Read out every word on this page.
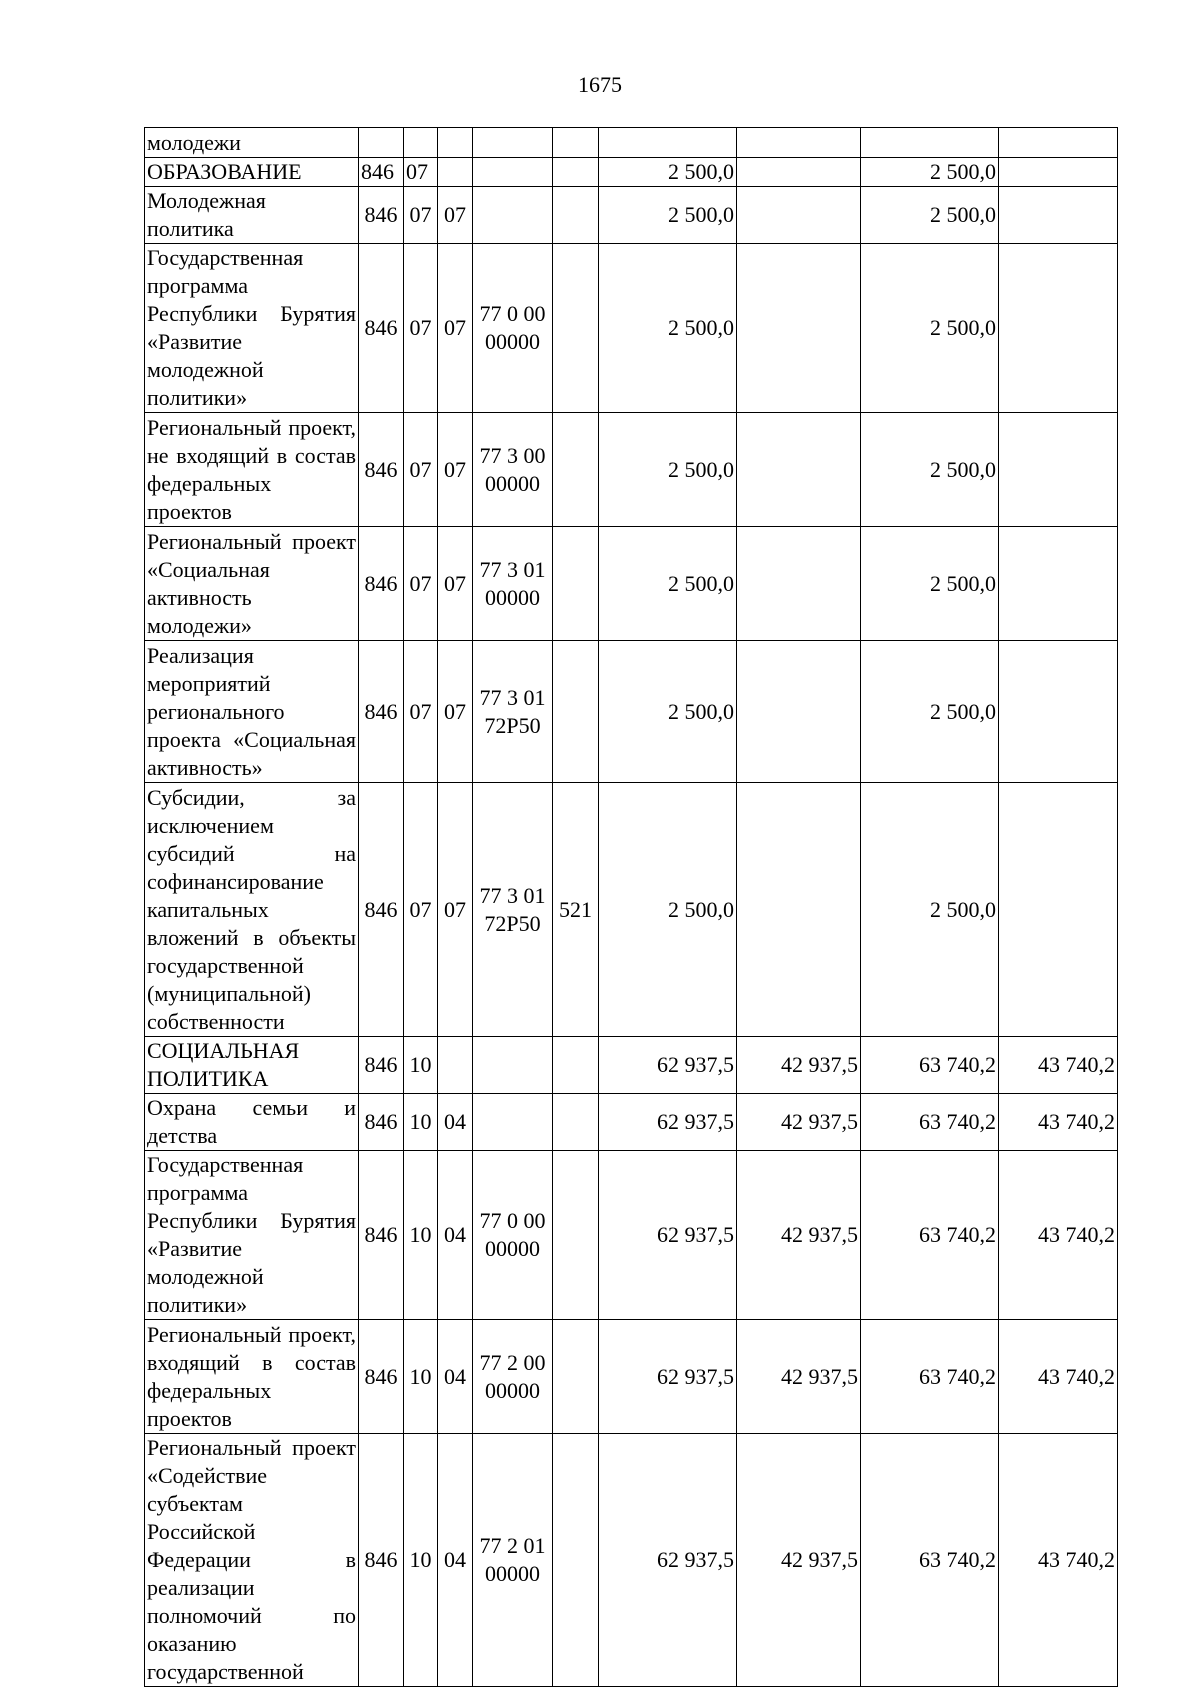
1675
молодежи									
ОБРАЗОВАНИЕ	846	07				2 500,0		2 500,0	
Молодежная политика	846	07	07			2 500,0		2 500,0	
Государственная программа Республики Бурятия «Развитие молодежной политики»	846	07	07	77 0 00 00000		2 500,0		2 500,0	
Региональный проект, не входящий в состав федеральных проектов	846	07	07	77 3 00 00000		2 500,0		2 500,0	
Региональный проект «Социальная активность молодежи»	846	07	07	77 3 01 00000		2 500,0		2 500,0	
Реализация мероприятий регионального проекта «Социальная активность»	846	07	07	77 3 01 72Р50		2 500,0		2 500,0	
Субсидии, за исключением субсидий на софинансирование капитальных вложений в объекты государственной (муниципальной) собственности	846	07	07	77 3 01 72Р50	521	2 500,0		2 500,0	
СОЦИАЛЬНАЯ ПОЛИТИКА	846	10				62 937,5	42 937,5	63 740,2	43 740,2
Охрана семьи и детства	846	10	04			62 937,5	42 937,5	63 740,2	43 740,2
Государственная программа Республики Бурятия «Развитие молодежной политики»	846	10	04	77 0 00 00000		62 937,5	42 937,5	63 740,2	43 740,2
Региональный проект, входящий в состав федеральных проектов	846	10	04	77 2 00 00000		62 937,5	42 937,5	63 740,2	43 740,2
Региональный проект «Содействие субъектам Российской Федерации в реализации полномочий по оказанию государственной	846	10	04	77 2 01 00000		62 937,5	42 937,5	63 740,2	43 740,2
